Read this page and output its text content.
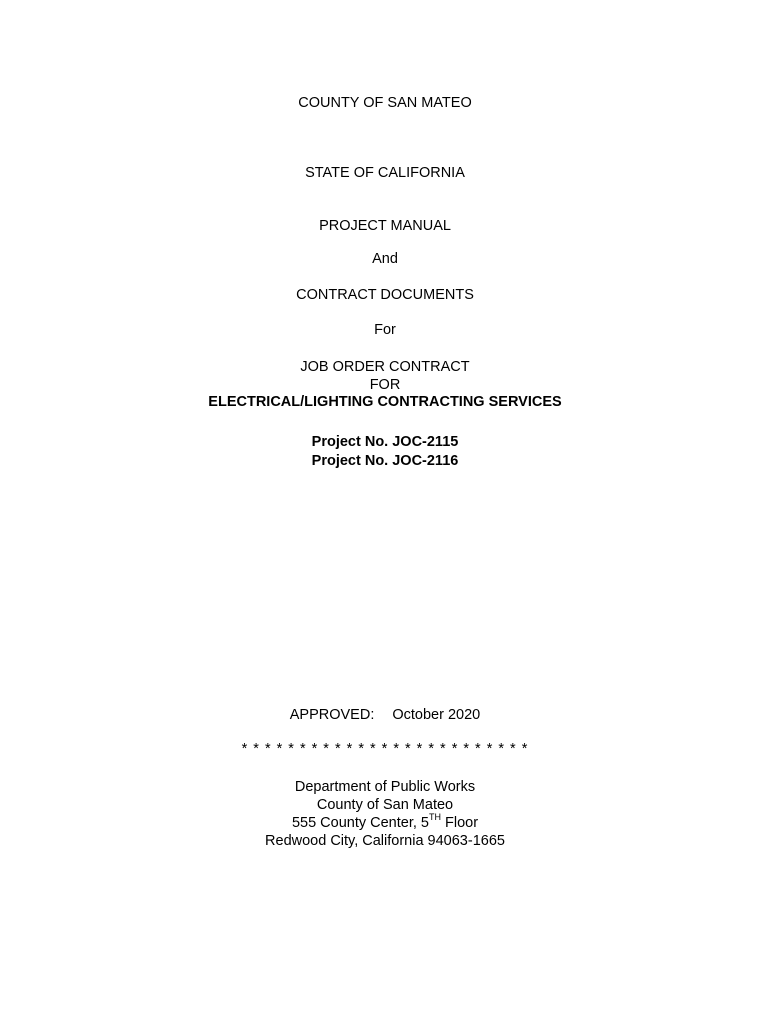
COUNTY OF SAN MATEO
STATE OF CALIFORNIA
PROJECT MANUAL
And
CONTRACT DOCUMENTS
For
JOB ORDER CONTRACT
FOR
ELECTRICAL/LIGHTING CONTRACTING SERVICES
Project No. JOC-2115
Project No. JOC-2116
APPROVED: October 2020
* * * * * * * * * * * * * * * * * * * * * * * * *
Department of Public Works
County of San Mateo
555 County Center, 5TH Floor
Redwood City, California 94063-1665
